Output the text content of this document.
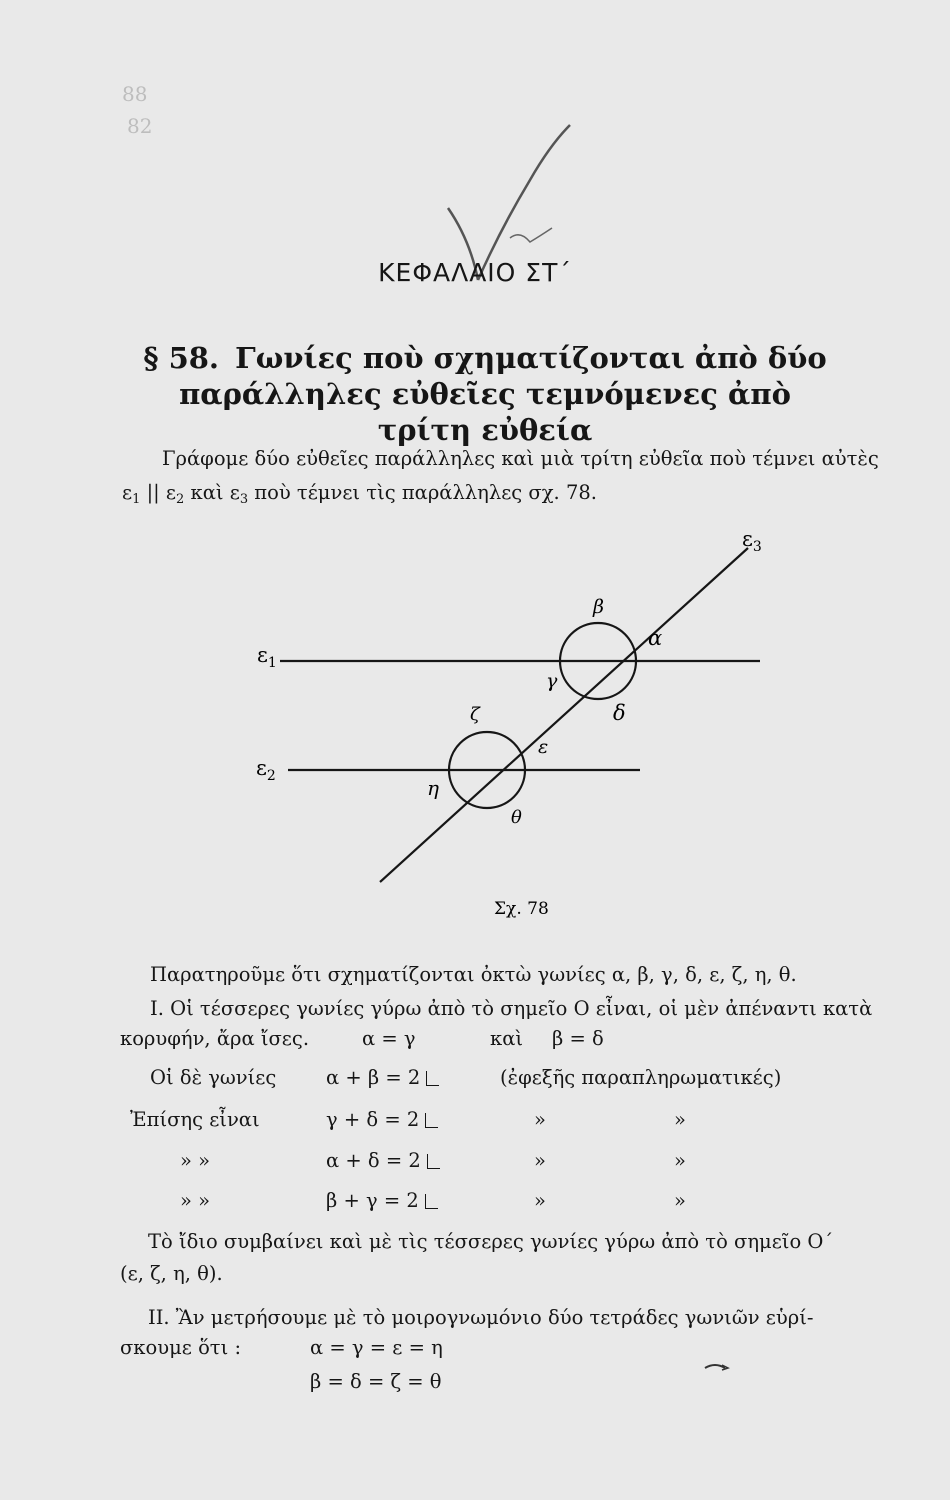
88
82
ΚΕΦΑΛΑΙΟ ΣΤ΄
§ 58. Γωνίες ποὺ σχηματίζονται ἀπὸ δύο παράλληλες εὐθεῖες τεμνόμενες ἀπὸ τρίτη εὐθεία
Γράφομε δύο εὐθεῖες παράλληλες καὶ μιὰ τρίτη εὐθεῖα ποὺ τέμνει αὐτὲς
$\varepsilon_1$ || $\varepsilon_2$ καὶ $\varepsilon_3$ ποὺ τέμνει τὶς παράλληλες σχ. 78.
$\varepsilon_1$
$\varepsilon_2$
$\varepsilon_3$
β
α
γ
δ
ζ
ε
η
θ
Σχ. 78
Παρατηροῦμε ὅτι σχηματίζονται ὀκτὼ γωνίες α, β, γ, δ, ε, ζ, η, θ.
Ι. Οἱ τέσσερες γωνίες γύρω ἀπὸ τὸ σημεῖο Ο εἶναι, οἱ μὲν ἀπέναντι κατὰ
κορυφήν, ἄρα ἴσες.	α = γ	καὶ β = δ
Οἱ δὲ γωνίες	α + β = 2	(ἐφεξῆς παραπληρωματικές)
Ἐπίσης εἶναι	γ + δ = 2	»	»
» »	α + δ = 2	»	»
» »	β + γ = 2	»	»
Τὸ ἴδιο συμβαίνει καὶ μὲ τὶς τέσσερες γωνίες γύρω ἀπὸ τὸ σημεῖο Ο΄
(ε, ζ, η, θ).
ΙΙ. Ἂν μετρήσουμε μὲ τὸ μοιρογνωμόνιο δύο τετράδες γωνιῶν εὑρί-
σκουμε ὅτι :	α = γ = ε = η
β = δ = ζ = θ
